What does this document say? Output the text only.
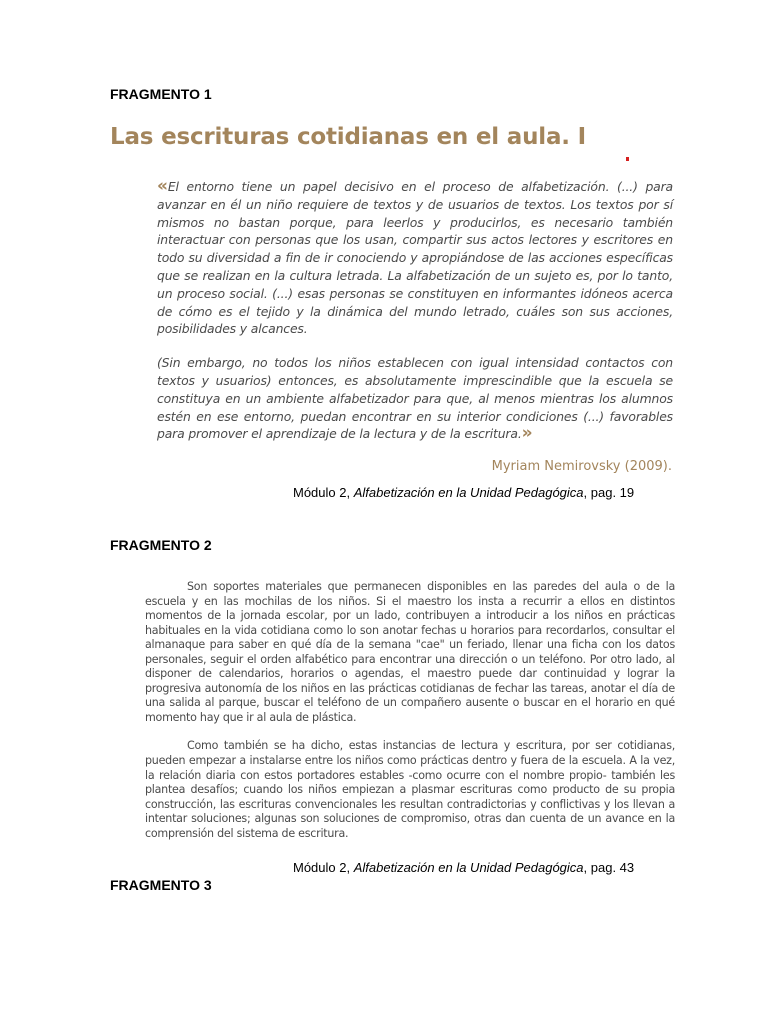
FRAGMENTO 1
Las escrituras cotidianas en el aula. I

«El entorno tiene un papel decisivo en el proceso de alfabetización. (...) para avanzar en él un niño requiere de textos y de usuarios de textos. Los textos por sí mismos no bastan porque, para leerlos y producirlos, es necesario también interactuar con personas que los usan, compartir sus actos lectores y escritores en todo su diversidad a fin de ir conociendo y apropiándose de las acciones específicas que se realizan en la cultura letrada. La alfabetización de un sujeto es, por lo tanto, un proceso social. (...) esas personas se constituyen en informantes idóneos acerca de cómo es el tejido y la dinámica del mundo letrado, cuáles son sus acciones, posibilidades y alcances.

(Sin embargo, no todos los niños establecen con igual intensidad contactos con textos y usuarios) entonces, es absolutamente imprescindible que la escuela se constituya en un ambiente alfabetizador para que, al menos mientras los alumnos estén en ese entorno, puedan encontrar en su interior condiciones (...) favorables para promover el aprendizaje de la lectura y de la escritura.»

Myriam Nemirovsky (2009).
Módulo 2, Alfabetización en la Unidad Pedagógica, pag. 19
FRAGMENTO 2

Son soportes materiales que permanecen disponibles en las paredes del aula o de la escuela y en las mochilas de los niños. Si el maestro los insta a recurrir a ellos en distintos momentos de la jornada escolar, por un lado, contribuyen a introducir a los niños en prácticas habituales en la vida cotidiana como lo son anotar fechas u horarios para recordarlos, consultar el almanaque para saber en qué día de la semana "cae" un feriado, llenar una ficha con los datos personales, seguir el orden alfabético para encontrar una dirección o un teléfono. Por otro lado, al disponer de calendarios, horarios o agendas, el maestro puede dar continuidad y lograr la progresiva autonomía de los niños en las prácticas cotidianas de fechar las tareas, anotar el día de una salida al parque, buscar el teléfono de un compañero ausente o buscar en el horario en qué momento hay que ir al aula de plástica.

Como también se ha dicho, estas instancias de lectura y escritura, por ser cotidianas, pueden empezar a instalarse entre los niños como prácticas dentro y fuera de la escuela. A la vez, la relación diaria con estos portadores estables -como ocurre con el nombre propio- también les plantea desafíos; cuando los niños empiezan a plasmar escrituras como producto de su propia construcción, las escrituras convencionales les resultan contradictorias y conflictivas y los llevan a intentar soluciones; algunas son soluciones de compromiso, otras dan cuenta de un avance en la comprensión del sistema de escritura.

Módulo 2, Alfabetización en la Unidad Pedagógica, pag. 43
FRAGMENTO 3
